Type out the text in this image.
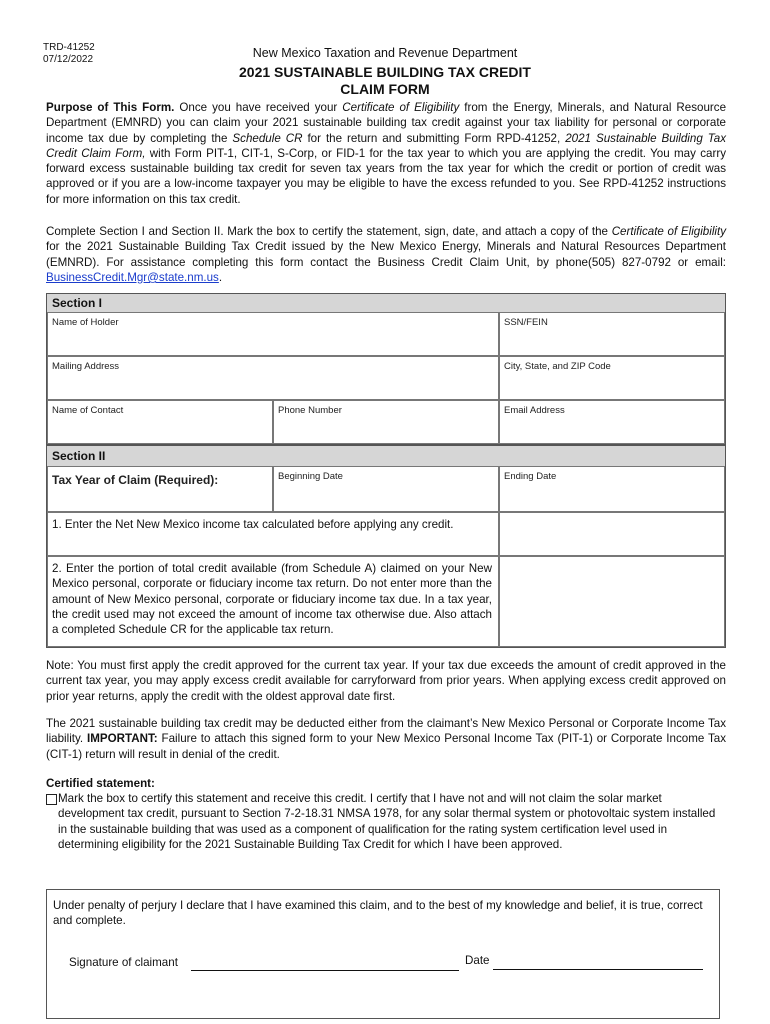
TRD-41252
07/12/2022	New Mexico Taxation and Revenue Department
2021 SUSTAINABLE BUILDING TAX CREDIT
CLAIM FORM
Purpose of This Form. Once you have received your Certificate of Eligibility from the Energy, Minerals, and Natural Resource Department (EMNRD) you can claim your 2021 sustainable building tax credit against your tax liability for personal or corporate income tax due by completing the Schedule CR for the return and submitting Form RPD-41252, 2021 Sustainable Building Tax Credit Claim Form, with Form PIT-1, CIT-1, S-Corp, or FID-1 for the tax year to which you are applying the credit. You may carry forward excess sustainable building tax credit for seven tax years from the tax year for which the credit or portion of credit was approved or if you are a low-income taxpayer you may be eligible to have the excess refunded to you. See RPD-41252 instructions for more information on this tax credit.
Complete Section I and Section II. Mark the box to certify the statement, sign, date, and attach a copy of the Certificate of Eligibility for the 2021 Sustainable Building Tax Credit issued by the New Mexico Energy, Minerals and Natural Resources Department (EMNRD). For assistance completing this form contact the Business Credit Claim Unit, by phone(505) 827-0792 or email: BusinessCredit.Mgr@state.nm.us.
Section I
Name of Holder	SSN/FEIN
Mailing Address	City, State, and ZIP Code
Name of Contact	Phone Number	Email Address
Section II
Tax Year of Claim (Required):	Beginning Date	Ending Date
1. Enter the Net New Mexico income tax calculated before applying any credit.
2. Enter the portion of total credit available (from Schedule A) claimed on your New Mexico personal, corporate or fiduciary income tax return. Do not enter more than the amount of New Mexico personal, corporate or fiduciary income tax due. In a tax year, the credit used may not exceed the amount of income tax otherwise due. Also attach a completed Schedule CR for the applicable tax return.
Note: You must first apply the credit approved for the current tax year. If your tax due exceeds the amount of credit approved in the current tax year, you may apply excess credit available for carryforward from prior years. When applying excess credit approved on prior year returns, apply the credit with the oldest approval date first.
The 2021 sustainable building tax credit may be deducted either from the claimant’s New Mexico Personal or Corporate Income Tax liability. IMPORTANT: Failure to attach this signed form to your New Mexico Personal Income Tax (PIT-1) or Corporate Income Tax (CIT-1) return will result in denial of the credit.
Certified statement:
Mark the box to certify this statement and receive this credit. I certify that I have not and will not claim the solar market development tax credit, pursuant to Section 7-2-18.31 NMSA 1978, for any solar thermal system or photovoltaic system installed in the sustainable building that was used as a component of qualification for the rating system certification level used in determining eligibility for the 2021 Sustainable Building Tax Credit for which I have been approved.
Under penalty of perjury I declare that I have examined this claim, and to the best of my knowledge and belief, it is true, correct and complete.
Signature of claimant	Date
